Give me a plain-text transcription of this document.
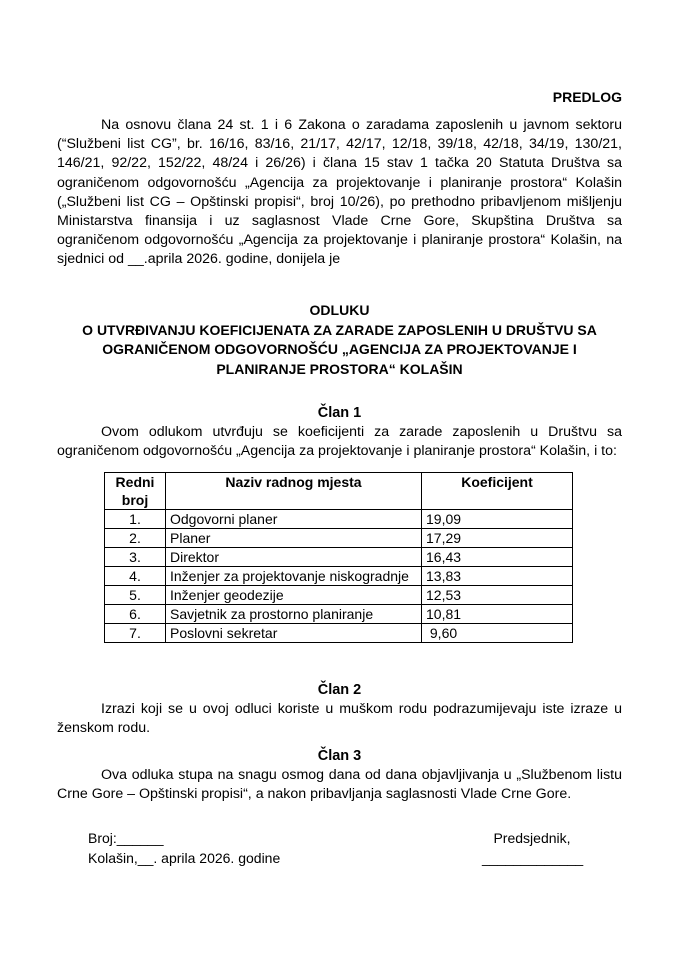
PREDLOG
Na osnovu člana 24 st. 1 i 6 Zakona o zaradama zaposlenih u javnom sektoru (“Službeni list CG”, br. 16/16, 83/16, 21/17, 42/17, 12/18, 39/18, 42/18, 34/19, 130/21, 146/21, 92/22, 152/22, 48/24 i 26/26) i člana 15 stav 1 tačka 20 Statuta Društva sa ograničenom odgovornošću „Agencija za projektovanje i planiranje prostora“ Kolašin („Službeni list CG – Opštinski propisi“, broj 10/26), po prethodno pribavljenom mišljenju Ministarstva finansija i uz saglasnost Vlade Crne Gore, Skupština Društva sa ograničenom odgovornošću „Agencija za projektovanje i planiranje prostora“ Kolašin, na sjednici od __.aprila 2026. godine, donijela je
ODLUKU
O UTVRĐIVANJU KOEFICIJENATA ZA ZARADE ZAPOSLENIH U DRUŠTVU SA
OGRANIČENOM ODGOVORNOŠĆU „AGENCIJA ZA PROJEKTOVANJE I
PLANIRANJE PROSTORA“ KOLAŠIN
Član 1
Ovom odlukom utvrđuju se koeficijenti za zarade zaposlenih u Društvu sa ograničenom odgovornošću „Agencija za projektovanje i planiranje prostora“ Kolašin, i to:
Redni
broj	Naziv radnog mjesta	Koeficijent
1.	Odgovorni planer	19,09
2.	Planer	17,29
3.	Direktor	16,43
4.	Inženjer za projektovanje niskogradnje	13,83
5.	Inženjer geodezije	12,53
6.	Savjetnik za prostorno planiranje	10,81
7.	Poslovni sekretar	9,60
Član 2
Izrazi koji se u ovoj odluci koriste u muškom rodu podrazumijevaju iste izraze u ženskom rodu.
Član 3
Ova odluka stupa na snagu osmog dana od dana objavljivanja u „Službenom listu Crne Gore – Opštinski propisi“, a nakon pribavljanja saglasnosti Vlade Crne Gore.
Broj:______
Kolašin,__. aprila 2026. godine
Predsjednik,
_____________
